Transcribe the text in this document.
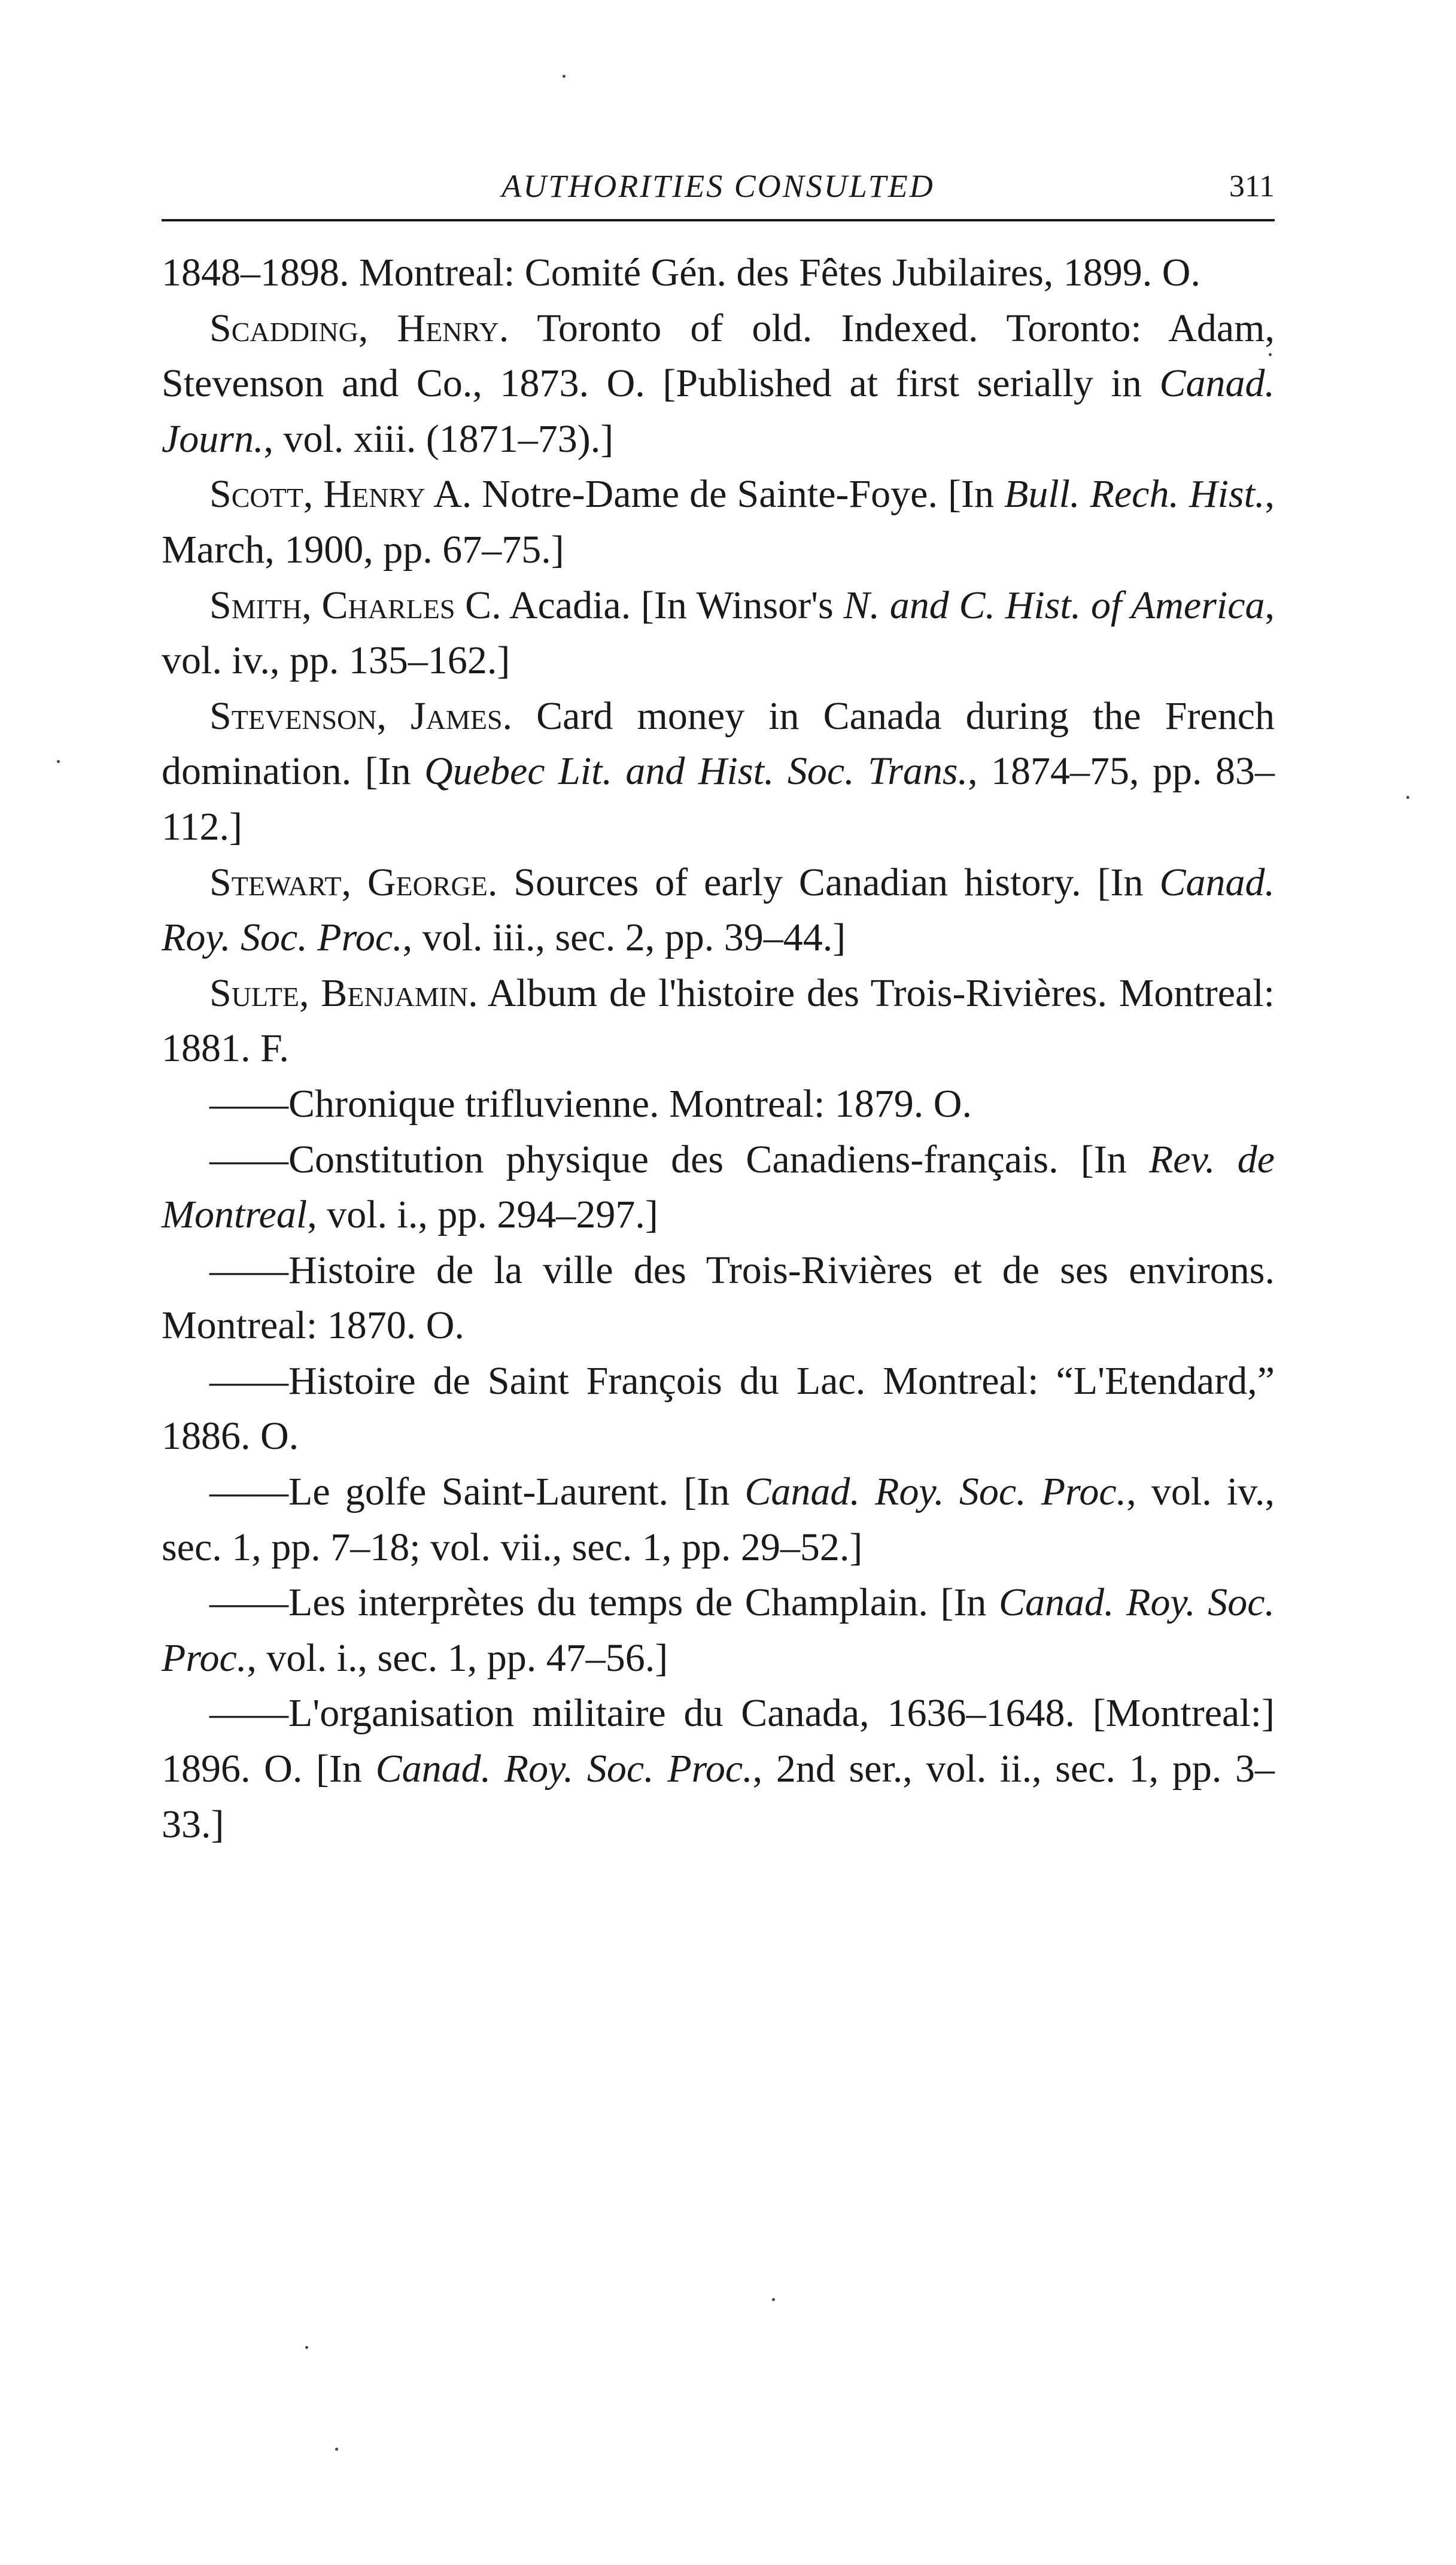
AUTHORITIES CONSULTED	311

1848–1898. Montreal: Comité Gén. des Fêtes Jubilaires, 1899. O.

Scadding, Henry. Toronto of old. Indexed. Toronto: Adam, Stevenson and Co., 1873. O. [Published at first serially in Canad. Journ., vol. xiii. (1871–73).]

Scott, Henry A. Notre-Dame de Sainte-Foye. [In Bull. Rech. Hist., March, 1900, pp. 67–75.]

Smith, Charles C. Acadia. [In Winsor's N. and C. Hist. of America, vol. iv., pp. 135–162.]

Stevenson, James. Card money in Canada during the French domination. [In Quebec Lit. and Hist. Soc. Trans., 1874–75, pp. 83–112.]

Stewart, George. Sources of early Canadian history. [In Canad. Roy. Soc. Proc., vol. iii., sec. 2, pp. 39–44.]

Sulte, Benjamin. Album de l'histoire des Trois-Rivières. Montreal: 1881. F.

——Chronique trifluvienne. Montreal: 1879. O.

——Constitution physique des Canadiens-français. [In Rev. de Montreal, vol. i., pp. 294–297.]

——Histoire de la ville des Trois-Rivières et de ses environs. Montreal: 1870. O.

——Histoire de Saint François du Lac. Montreal: “L'Etendard,” 1886. O.

——Le golfe Saint-Laurent. [In Canad. Roy. Soc. Proc., vol. iv., sec. 1, pp. 7–18; vol. vii., sec. 1, pp. 29–52.]

——Les interprètes du temps de Champlain. [In Canad. Roy. Soc. Proc., vol. i., sec. 1, pp. 47–56.]

——L'organisation militaire du Canada, 1636–1648. [Montreal:] 1896. O. [In Canad. Roy. Soc. Proc., 2nd ser., vol. ii., sec. 1, pp. 3–33.]
